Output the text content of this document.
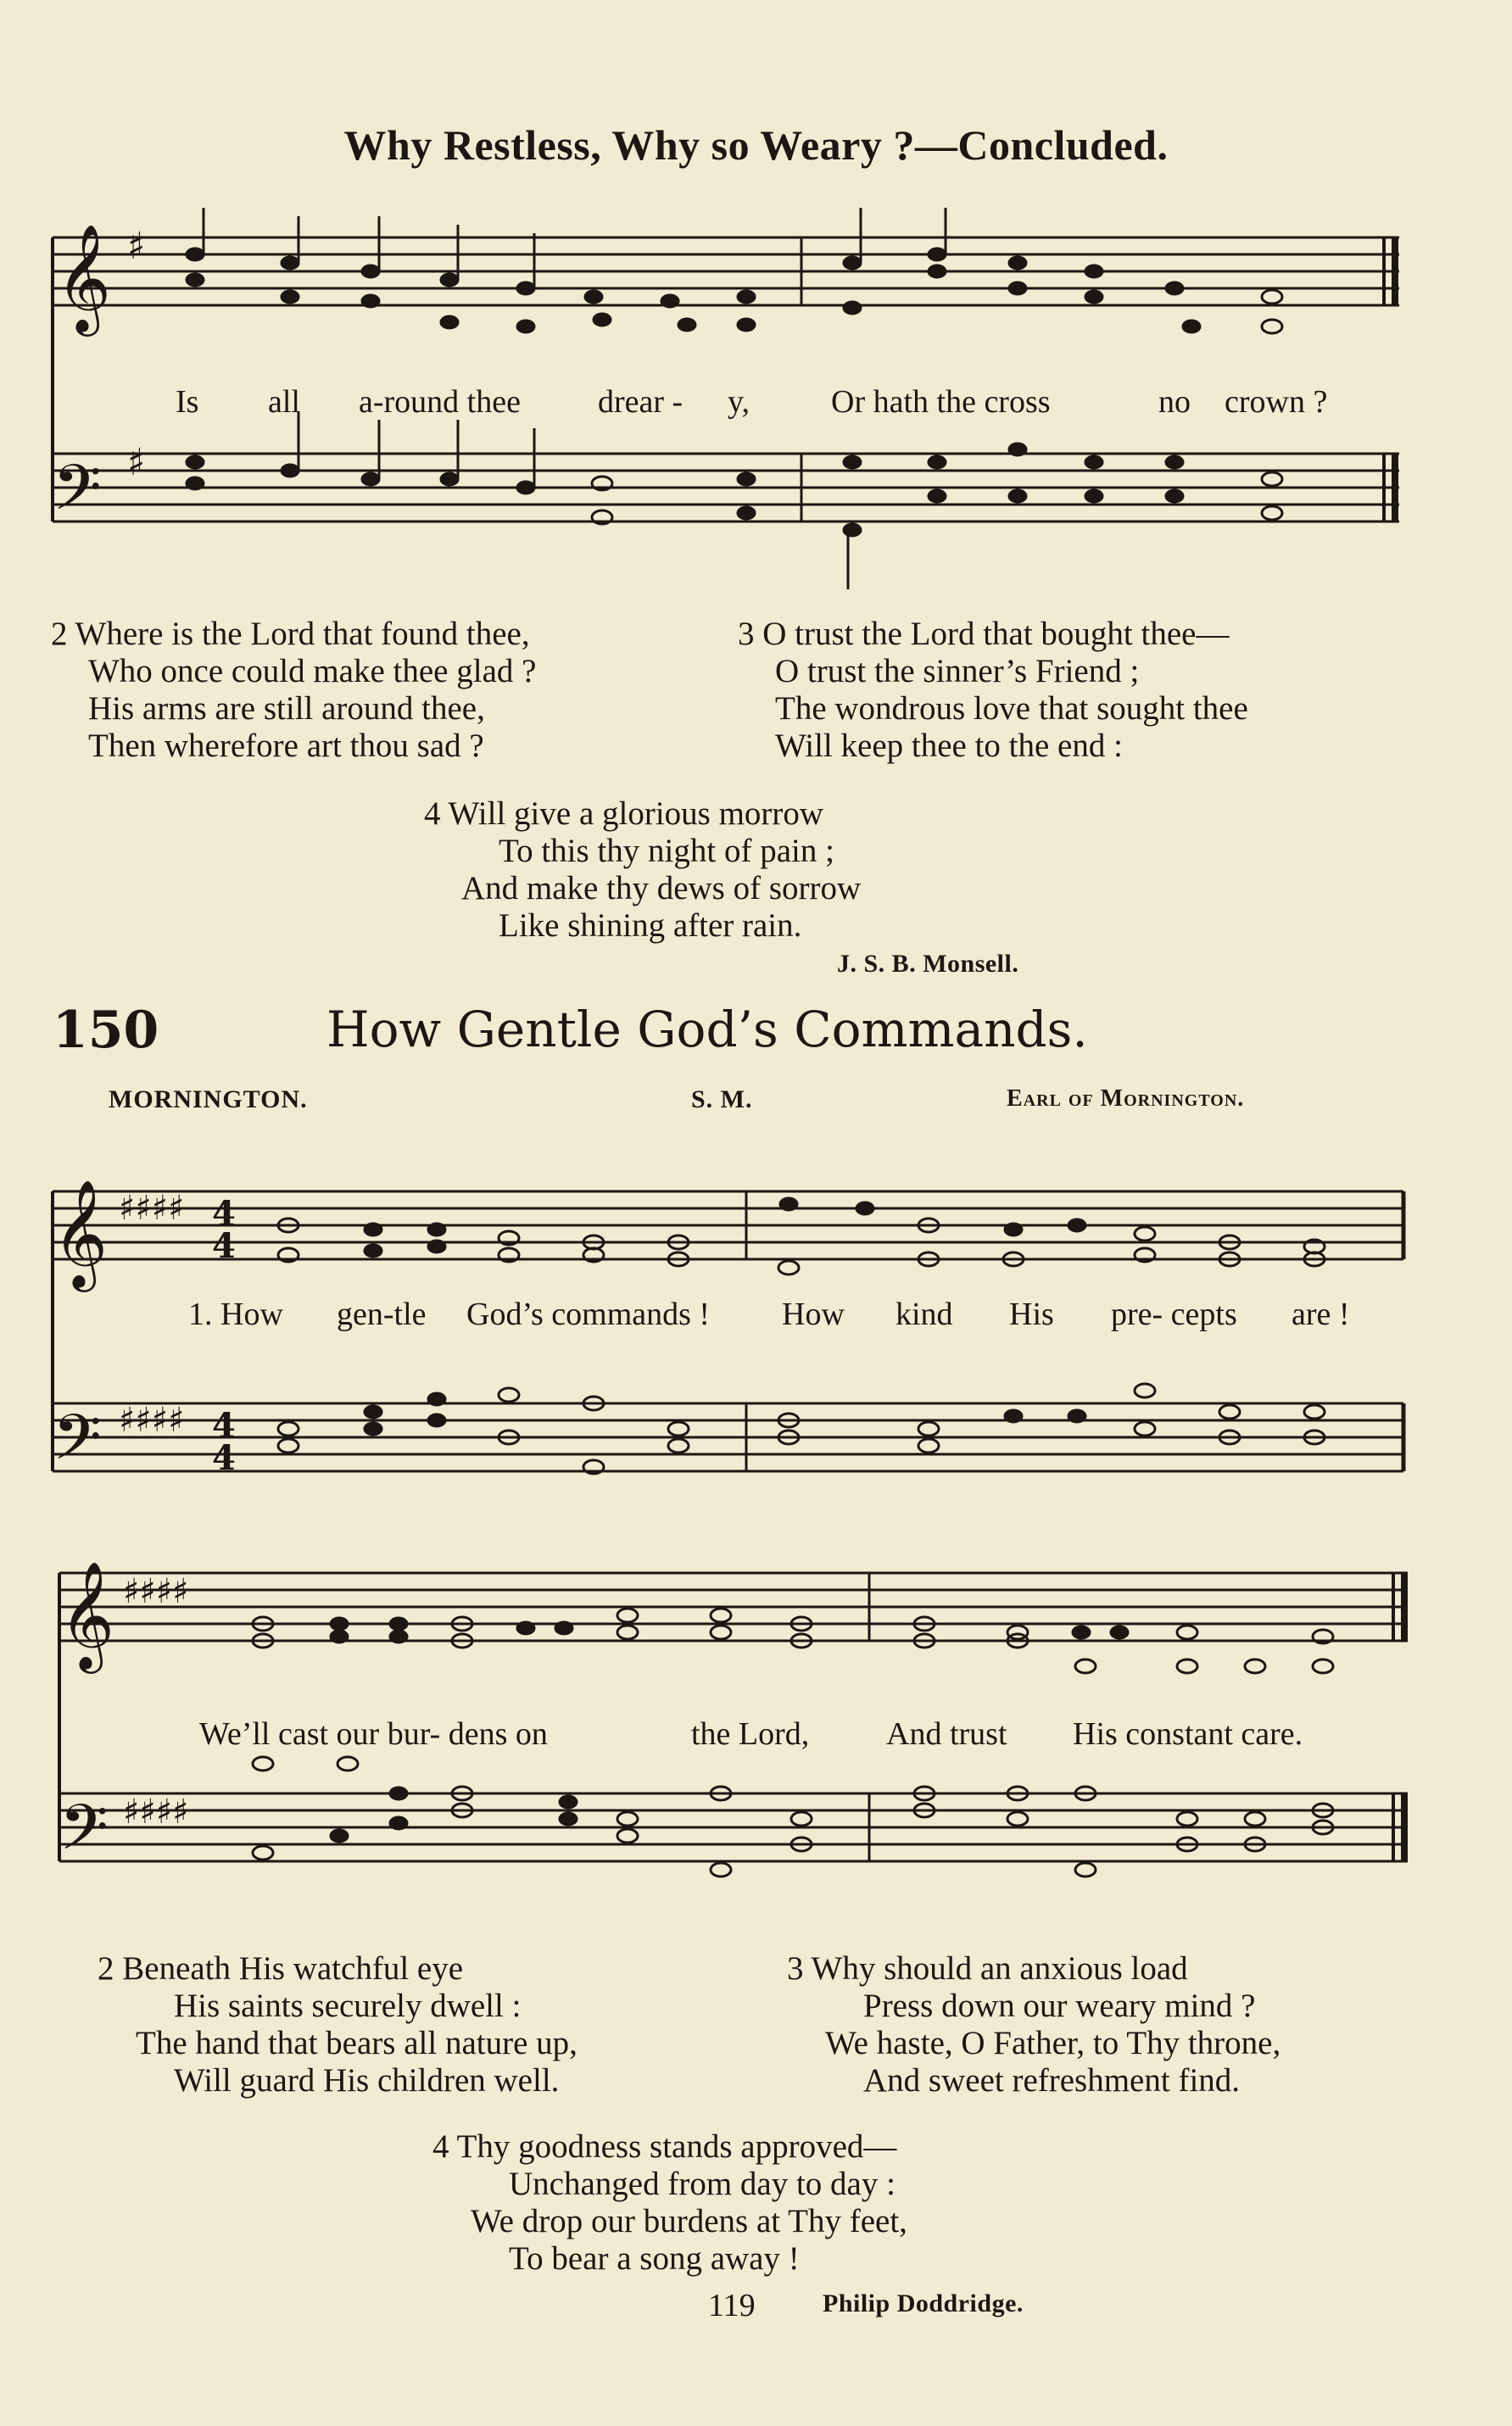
Why Restless, Why so Weary ?—Concluded.
𝄞
𝄢
♯
♯
Is all a-round thee drear - y,	Or hath the cross	no crown ?
2 Where is the Lord that found thee,
Who once could make thee glad ?
His arms are still around thee,
Then wherefore art thou sad ?
3 O trust the Lord that bought thee—
O trust the sinner’s Friend ;
The wondrous love that sought thee
Will keep thee to the end :
4 Will give a glorious morrow
To this thy night of pain ;
And make thy dews of sorrow
Like shining after rain.
J. S. B. Monsell.
150	How Gentle God’s Commands.
MORNINGTON.	S. M.	Earl of Mornington.
𝄞
𝄢
♯♯♯♯
♯♯♯♯
4
4
4
4
1. How gen-tle God’s commands ! How kind His pre- cepts are !
𝄞
𝄢
♯♯♯♯
♯♯♯♯
We’ll cast our bur- dens on	the Lord, And trust His constant care.
2 Beneath His watchful eye
His saints securely dwell :
The hand that bears all nature up,
Will guard His children well.
3 Why should an anxious load
Press down our weary mind ?
We haste, O Father, to Thy throne,
And sweet refreshment find.
4 Thy goodness stands approved—
Unchanged from day to day :
We drop our burdens at Thy feet,
To bear a song away !
119	Philip Doddridge.
